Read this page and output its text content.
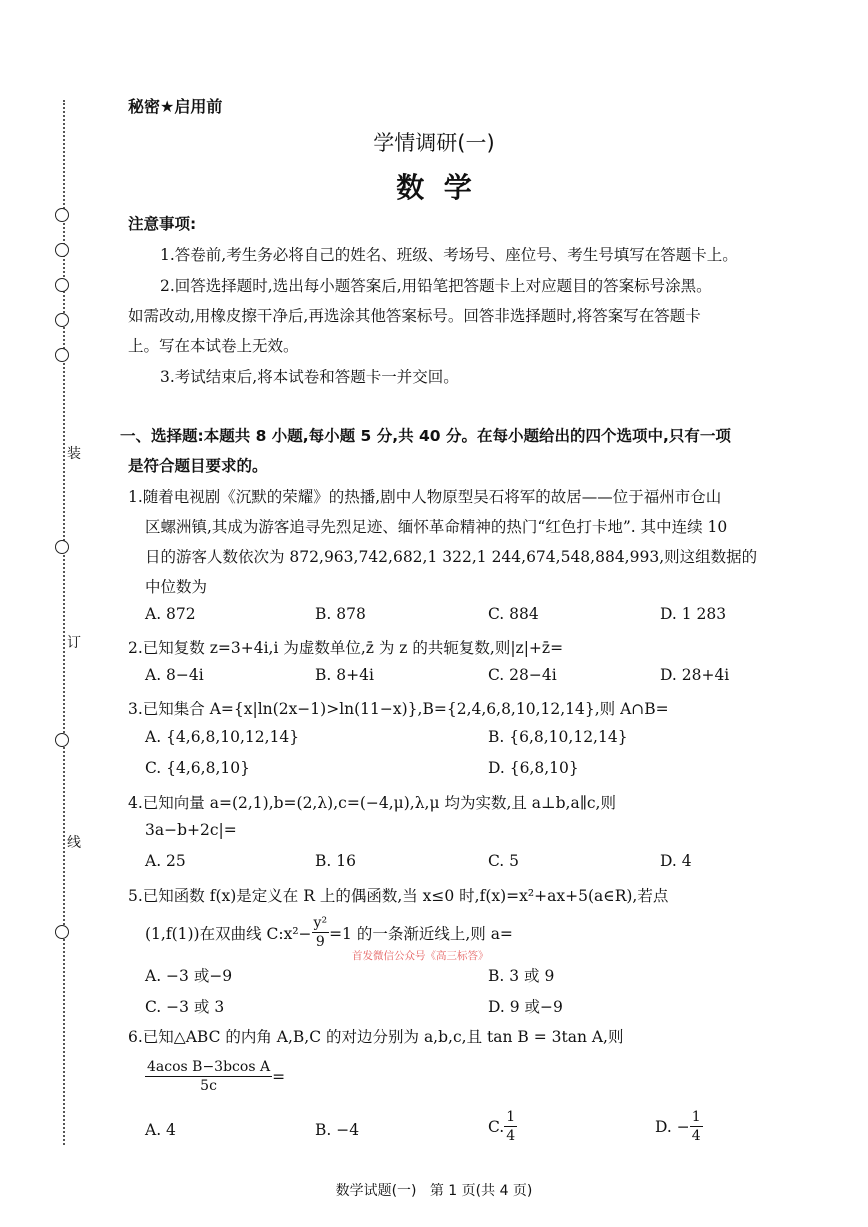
装
订
线
秘密★启用前
学情调研(一)
数  学
注意事项:
1.答卷前,考生务必将自己的姓名、班级、考场号、座位号、考生号填写在答题卡上。
2.回答选择题时,选出每小题答案后,用铅笔把答题卡上对应题目的答案标号涂黑。
如需改动,用橡皮擦干净后,再选涂其他答案标号。回答非选择题时,将答案写在答题卡
上。写在本试卷上无效。
3.考试结束后,将本试卷和答题卡一并交回。
一、选择题:本题共 8 小题,每小题 5 分,共 40 分。在每小题给出的四个选项中,只有一项
是符合题目要求的。
1.随着电视剧《沉默的荣耀》的热播,剧中人物原型吴石将军的故居——位于福州市仓山
区螺洲镇,其成为游客追寻先烈足迹、缅怀革命精神的热门“红色打卡地”. 其中连续 10
日的游客人数依次为 872,963,742,682,1 322,1 244,674,548,884,993,则这组数据的
中位数为
A. 872	B. 878	C. 884	D. 1 283
2.已知复数 z=3+4i,i 为虚数单位,z̄ 为 z 的共轭复数,则|z|+z̄=
A. 8−4i	B. 8+4i	C. 28−4i	D. 28+4i
3.已知集合 A={x|ln(2x−1)>ln(11−x)},B={2,4,6,8,10,12,14},则 A∩B=
A. {4,6,8,10,12,14}	B. {6,8,10,12,14}
C. {4,6,8,10}	D. {6,8,10}
4.已知向量 a=(2,1),b=(2,λ),c=(−4,μ),λ,μ 均为实数,且 a⊥b,a∥c,则
3a−b+2c|=
A. 25	B. 16	C. 5	D. 4
5.已知函数 f(x)是定义在 R 上的偶函数,当 x≤0 时,f(x)=x²+ax+5(a∈R),若点
(1,f(1))在双曲线 C:x²− $\frac{\text{y²}}{9} =1$ 的一条渐近线上,则 a=
首发微信公众号《高三标答》
A. −3 或−9	B. 3 或 9
C. −3 或 3	D. 9 或−9
6.已知△ABC 的内角 A,B,C 的对边分别为 a,b,c,且 tan B = 3tan A,则
$\frac{\text{4acos B−3bcos A}}{5c}$ =
A. 4	B. −4	C. $\frac{1}{4}$	D. − $\frac{1}{4}$
数学试题(一)   第 1 页(共 4 页)
